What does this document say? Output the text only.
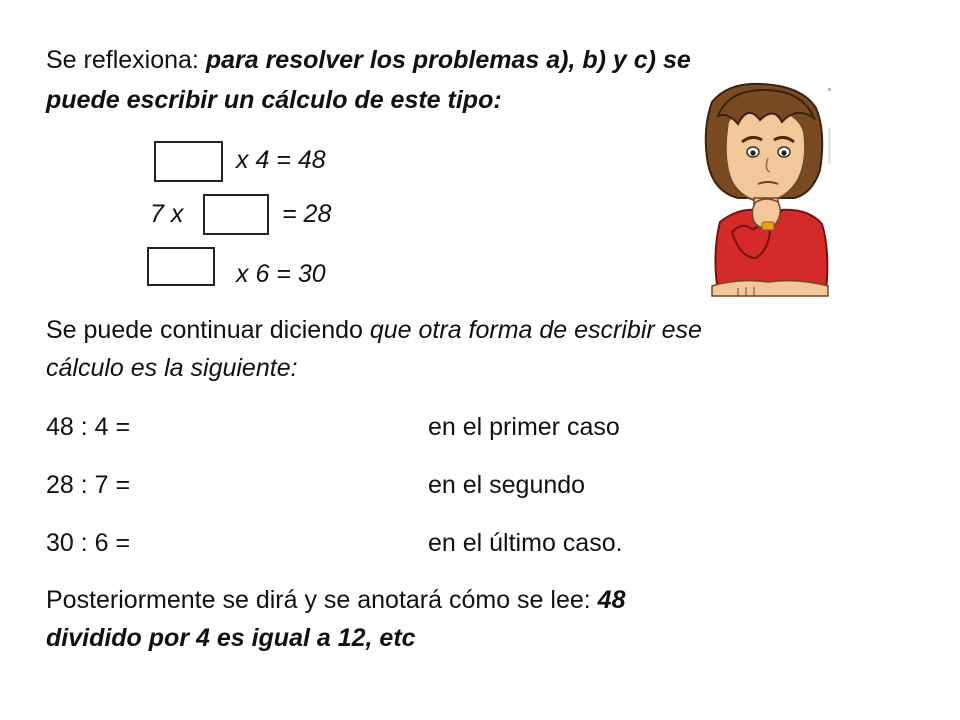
Se reflexiona: para resolver los problemas a), b) y c) se
puede escribir un cálculo de este tipo:
x 4 = 48
7 x	= 28
x 6 = 30
Se puede continuar diciendo que otra forma de escribir ese
cálculo es la siguiente:
48 : 4 =	en el primer caso
28 : 7 =	en el segundo
30 : 6 =	en el último caso.
Posteriormente se dirá y se anotará cómo se lee: 48
dividido por 4 es igual a 12, etc
